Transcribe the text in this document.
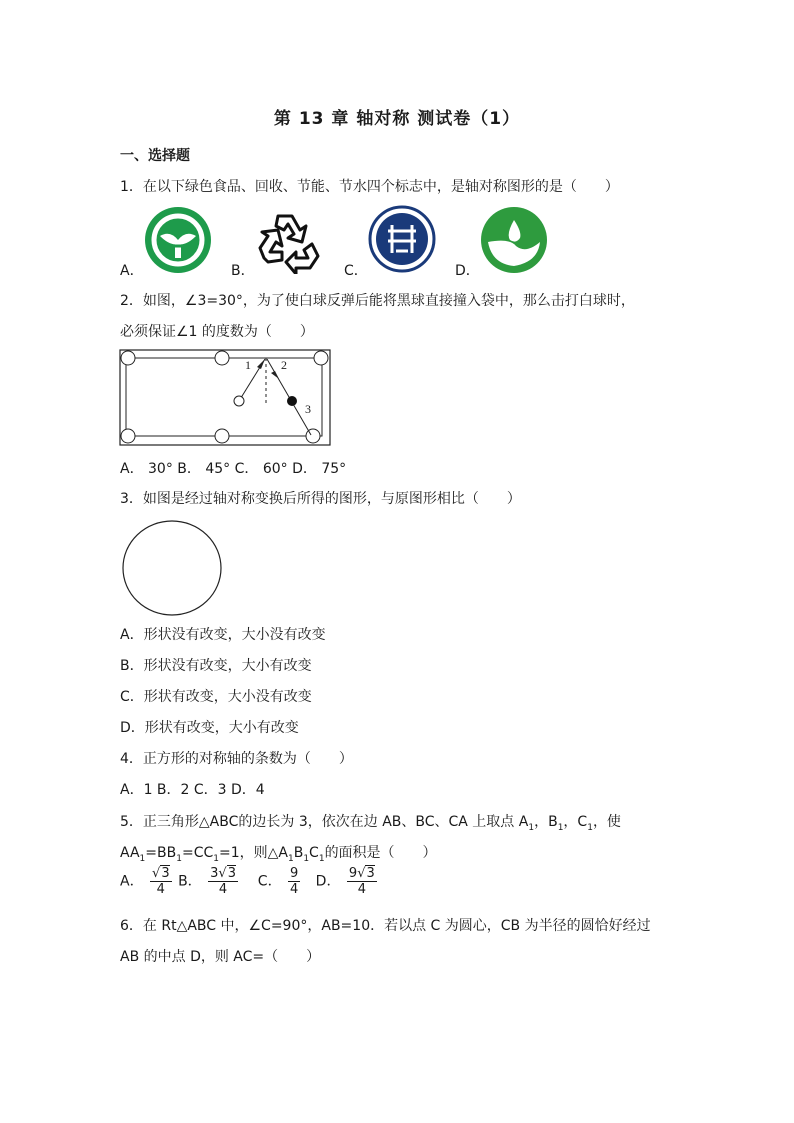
第 13 章 轴对称 测试卷（1）
一、选择题
1．在以下绿色食品、回收、节能、节水四个标志中，是轴对称图形的是（　　）
A．	B．	C．	D．
2．如图，∠3=30°，为了使白球反弹后能将黑球直接撞入袋中，那么击打白球时，
必须保证∠1 的度数为（　　）
1	2
3
A． 30° B． 45° C． 60° D． 75°
3．如图是经过轴对称变换后所得的图形，与原图形相比（　　）
A．形状没有改变，大小没有改变
B．形状没有改变，大小有改变
C．形状有改变，大小没有改变
D．形状有改变，大小有改变
4．正方形的对称轴的条数为（　　）
A．1 B．2 C．3 D．4
5．正三角形△ABC的边长为 3，依次在边 AB、BC、CA 上取点 $A_1$，$B_1$，$C_1$，使
$AA_1=BB_1=CC_1=1$，则$\triangle A_1B_1C_1$的面积是（　　）
A． $\frac{√3}{4}$ B． $\frac{3√3}{4}$ C． $\frac{9}{4}$ D． $\frac{9√3}{4}$
6．在 Rt△ABC 中，∠C=90°，AB=10．若以点 C 为圆心，CB 为半径的圆恰好经过
AB 的中点 D，则 AC=（　　）
